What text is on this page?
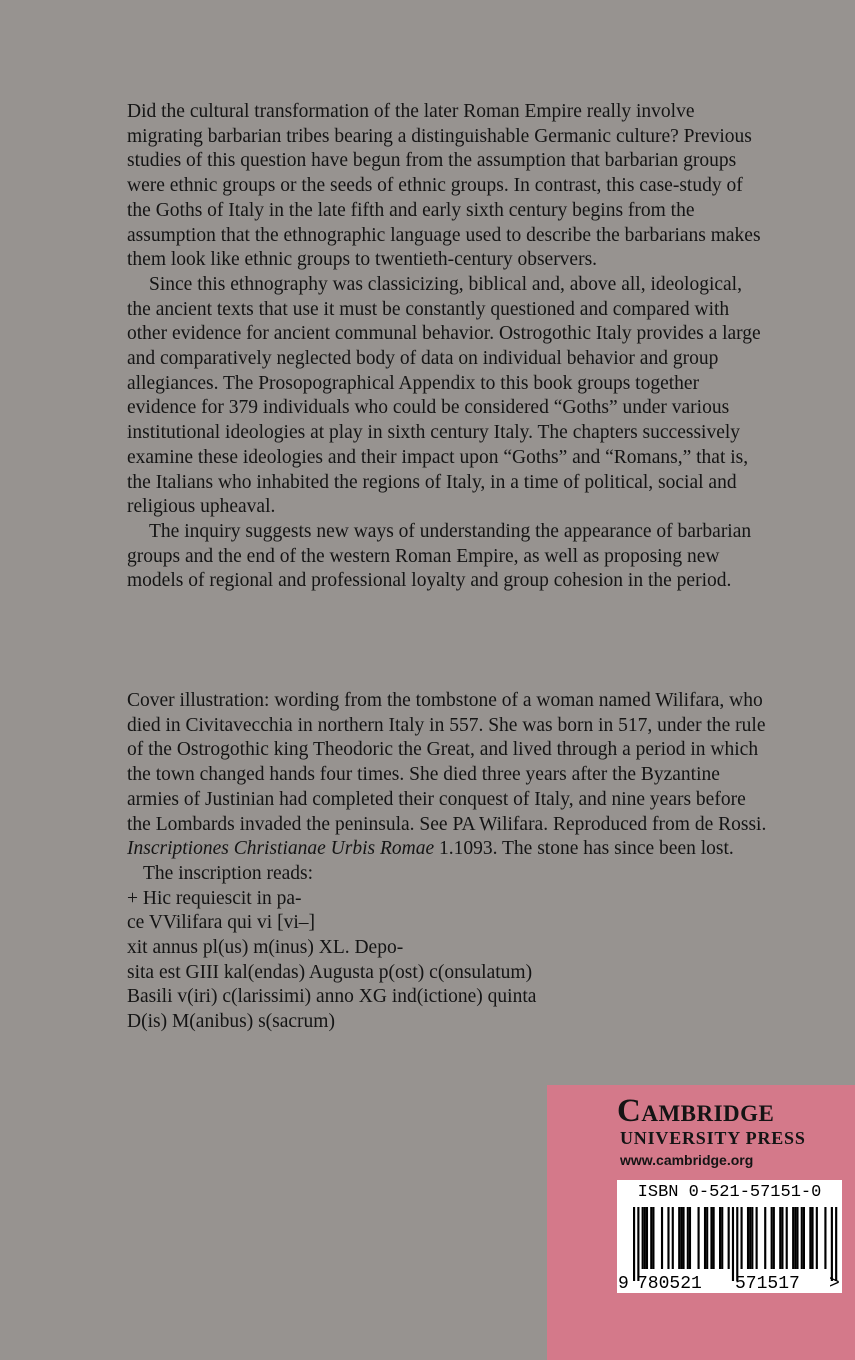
Did the cultural transformation of the later Roman Empire really involve migrating barbarian tribes bearing a distinguishable Germanic culture? Previous studies of this question have begun from the assumption that barbarian groups were ethnic groups or the seeds of ethnic groups. In contrast, this case-study of the Goths of Italy in the late fifth and early sixth century begins from the assumption that the ethnographic language used to describe the barbarians makes them look like ethnic groups to twentieth-century observers.

Since this ethnography was classicizing, biblical and, above all, ideological, the ancient texts that use it must be constantly questioned and compared with other evidence for ancient communal behavior. Ostrogothic Italy provides a large and comparatively neglected body of data on individual behavior and group allegiances. The Prosopographical Appendix to this book groups together evidence for 379 individuals who could be considered “Goths” under various institutional ideologies at play in sixth century Italy. The chapters successively examine these ideologies and their impact upon “Goths” and “Romans,” that is, the Italians who inhabited the regions of Italy, in a time of political, social and religious upheaval.

The inquiry suggests new ways of understanding the appearance of barbarian groups and the end of the western Roman Empire, as well as proposing new models of regional and professional loyalty and group cohesion in the period.

Cover illustration: wording from the tombstone of a woman named Wilifara, who died in Civitavecchia in northern Italy in 557. She was born in 517, under the rule of the Ostrogothic king Theodoric the Great, and lived through a period in which the town changed hands four times. She died three years after the Byzantine armies of Justinian had completed their conquest of Italy, and nine years before the Lombards invaded the peninsula. See PA Wilifara. Reproduced from de Rossi. Inscriptiones Christianae Urbis Romae 1.1093. The stone has since been lost.

The inscription reads:

+ Hic requiescit in pa-
ce VVilifara qui vi [vi–]
xit annus pl(us) m(inus) XL. Depo-
sita est GIII kal(endas) Augusta p(ost) c(onsulatum)
Basili v(iri) c(larissimi) anno XG ind(ictione) quinta
D(is) M(anibus) s(sacrum)
Cambridge
UNIVERSITY PRESS
www.cambridge.org
ISBN 0-521-57151-0
9 780521 571517 >
